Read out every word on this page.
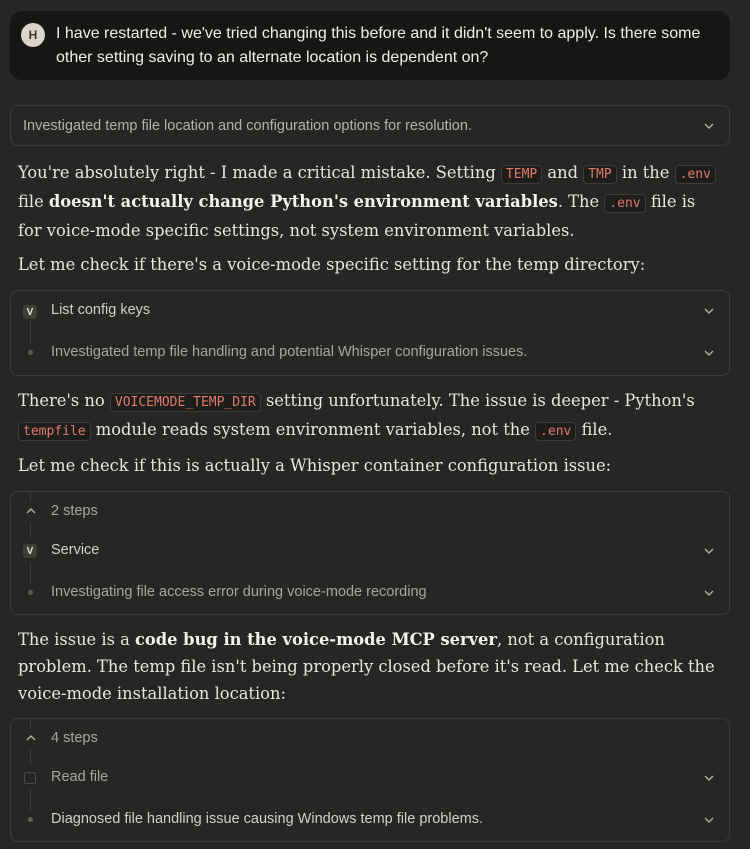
H	I have restarted - we've tried changing this before and it didn't seem to apply. Is there some other setting saving to an alternate location is dependent on?
Investigated temp file location and configuration options for resolution.
You're absolutely right - I made a critical mistake. Setting TEMP and TMP in the .env file doesn't actually change Python's environment variables. The .env file is for voice-mode specific settings, not system environment variables.
Let me check if there's a voice-mode specific setting for the temp directory:
V List config keys
Investigated temp file handling and potential Whisper configuration issues.
There's no VOICEMODE_TEMP_DIR setting unfortunately. The issue is deeper - Python's tempfile module reads system environment variables, not the .env file.
Let me check if this is actually a Whisper container configuration issue:
2 steps
V Service
Investigating file access error during voice-mode recording
The issue is a code bug in the voice-mode MCP server, not a configuration problem. The temp file isn't being properly closed before it's read. Let me check the voice-mode installation location:
4 steps
Read file
Diagnosed file handling issue causing Windows temp file problems.
